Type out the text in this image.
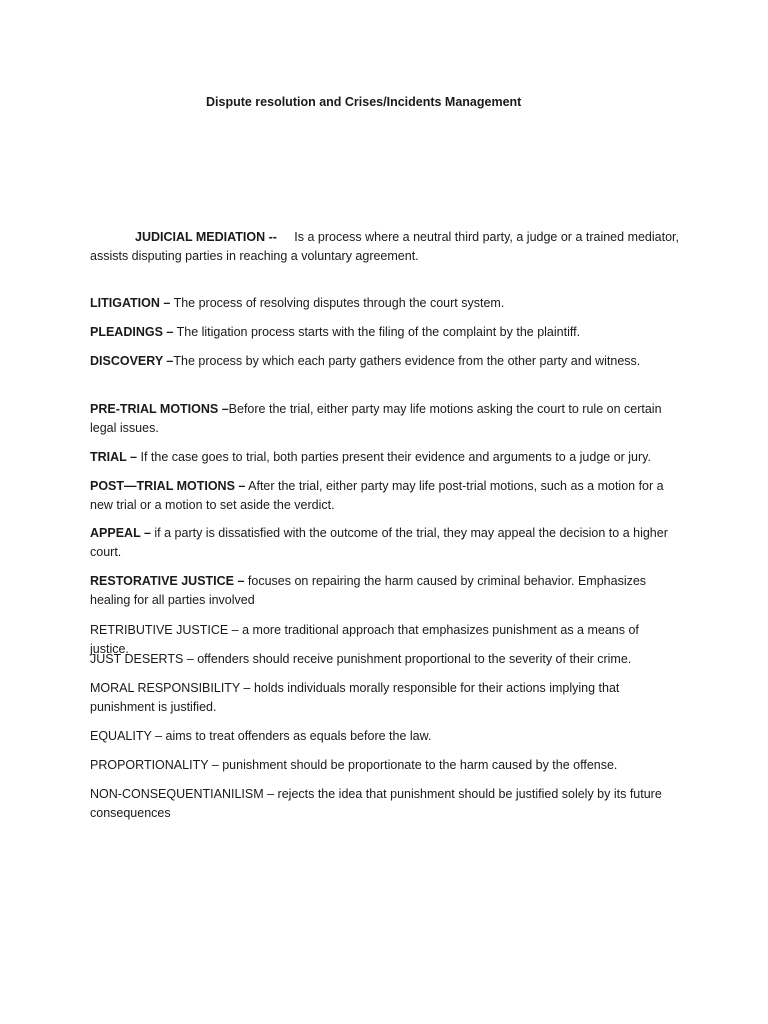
Dispute resolution and Crises/Incidents Management

JUDICIAL MEDIATION -- Is a process where a neutral third party, a judge or a trained mediator, assists disputing parties in reaching a voluntary agreement.

LITIGATION – The process of resolving disputes through the court system.

PLEADINGS – The litigation process starts with the filing of the complaint by the plaintiff.

DISCOVERY –The process by which each party gathers evidence from the other party and witness.

PRE-TRIAL MOTIONS –Before the trial, either party may life motions asking the court to rule on certain legal issues.

TRIAL – If the case goes to trial, both parties present their evidence and arguments to a judge or jury.

POST—TRIAL MOTIONS – After the trial, either party may life post-trial motions, such as a motion for a new trial or a motion to set aside the verdict.

APPEAL – if a party is dissatisfied with the outcome of the trial, they may appeal the decision to a higher court.

RESTORATIVE JUSTICE – focuses on repairing the harm caused by criminal behavior. Emphasizes healing for all parties involved

RETRIBUTIVE JUSTICE – a more traditional approach that emphasizes punishment as a means of justice.

JUST DESERTS – offenders should receive punishment proportional to the severity of their crime.

MORAL RESPONSIBILITY – holds individuals morally responsible for their actions implying that punishment is justified.

EQUALITY – aims to treat offenders as equals before the law.

PROPORTIONALITY – punishment should be proportionate to the harm caused by the offense.

NON-CONSEQUENTIANILISM – rejects the idea that punishment should be justified solely by its future consequences
